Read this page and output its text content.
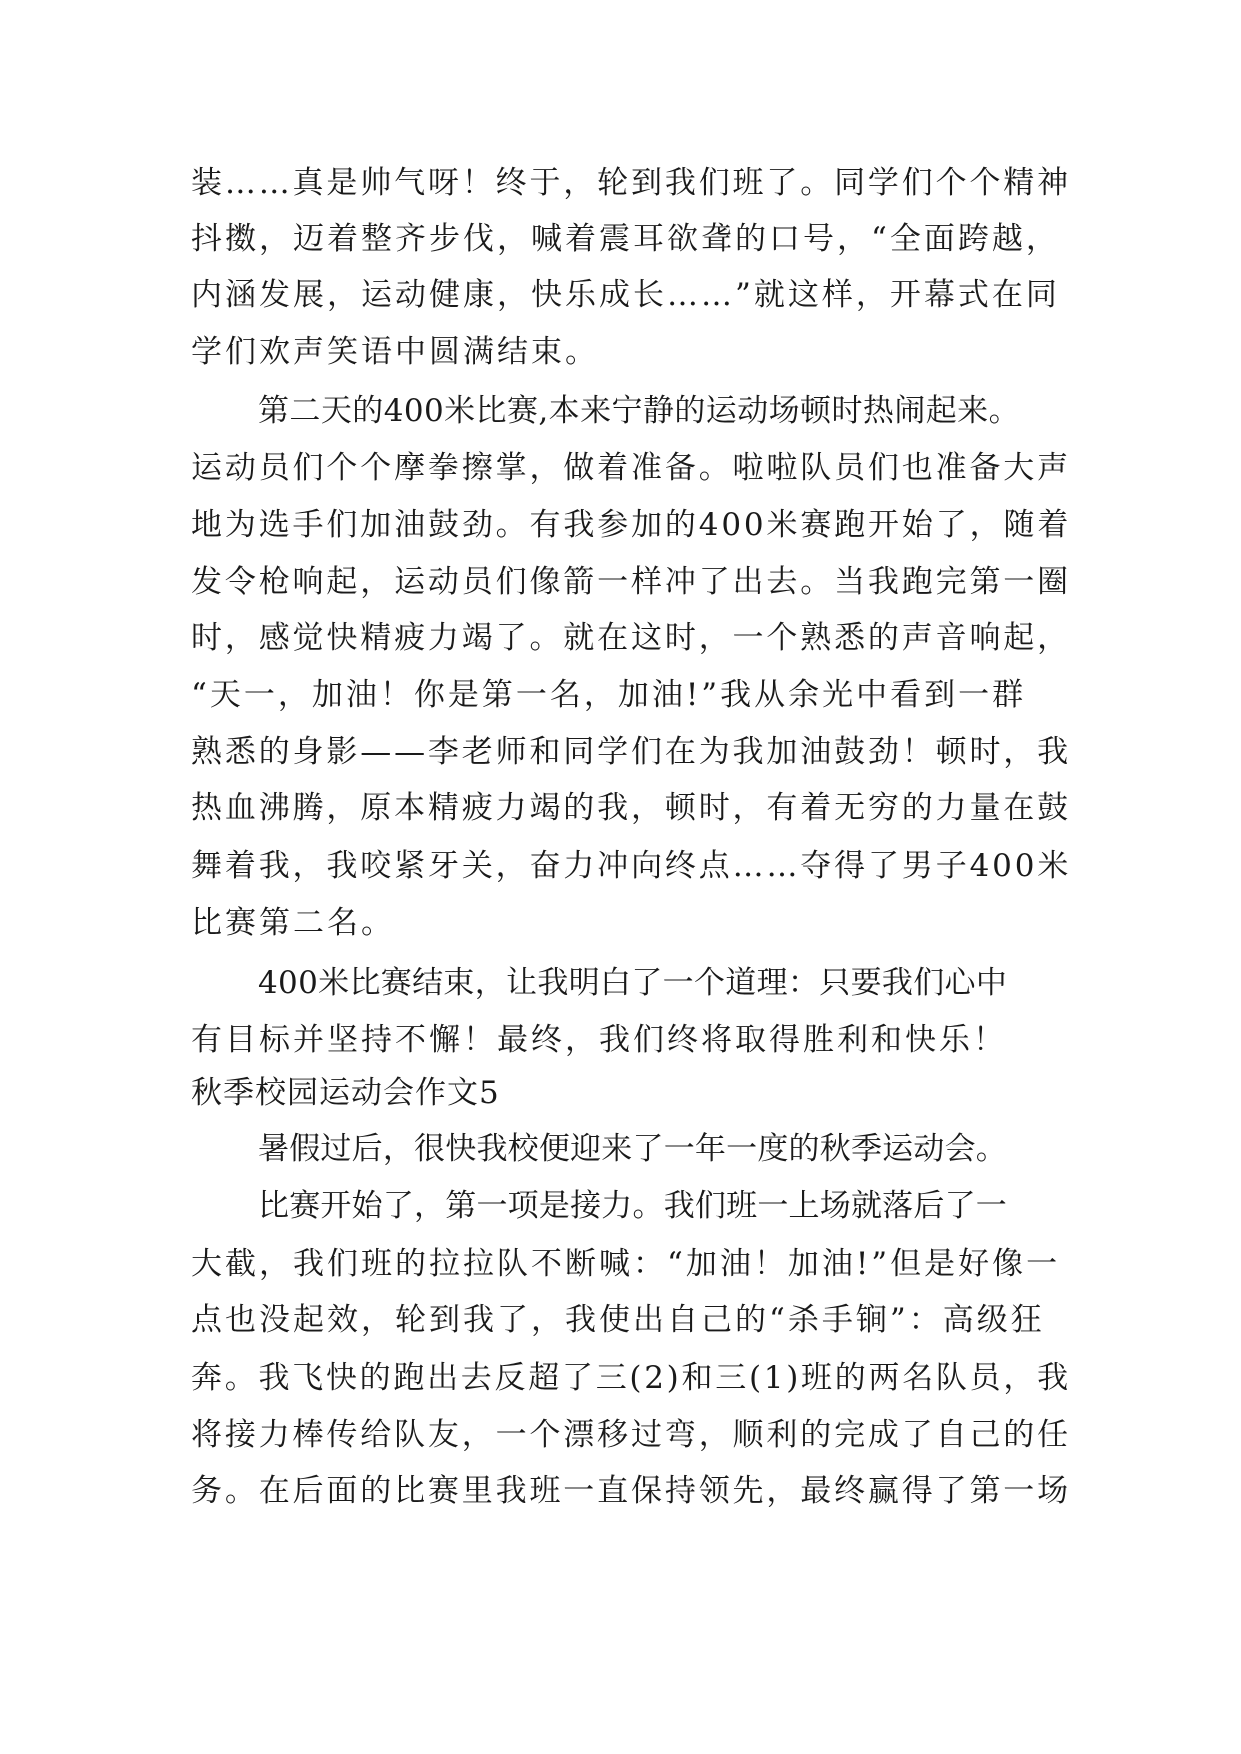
装……真是帅气呀！终于，轮到我们班了。同学们个个精神
抖擞，迈着整齐步伐，喊着震耳欲聋的口号，“全面跨越，
内涵发展，运动健康，快乐成长……”就这样，开幕式在同
学们欢声笑语中圆满结束。
第二天的400米比赛,本来宁静的运动场顿时热闹起来。
运动员们个个摩拳擦掌，做着准备。啦啦队员们也准备大声
地为选手们加油鼓劲。有我参加的400米赛跑开始了，随着
发令枪响起，运动员们像箭一样冲了出去。当我跑完第一圈
时，感觉快精疲力竭了。就在这时，一个熟悉的声音响起，
“天一，加油！你是第一名，加油!”我从余光中看到一群
熟悉的身影——李老师和同学们在为我加油鼓劲！顿时，我
热血沸腾，原本精疲力竭的我，顿时，有着无穷的力量在鼓
舞着我，我咬紧牙关，奋力冲向终点……夺得了男子400米
比赛第二名。
400米比赛结束，让我明白了一个道理：只要我们心中
有目标并坚持不懈！最终，我们终将取得胜利和快乐！
秋季校园运动会作文5
暑假过后，很快我校便迎来了一年一度的秋季运动会。
比赛开始了，第一项是接力。我们班一上场就落后了一
大截，我们班的拉拉队不断喊：“加油！加油!”但是好像一
点也没起效，轮到我了，我使出自己的“杀手锏”：高级狂
奔。我飞快的跑出去反超了三(2)和三(1)班的两名队员，我
将接力棒传给队友，一个漂移过弯，顺利的完成了自己的任
务。在后面的比赛里我班一直保持领先，最终赢得了第一场
